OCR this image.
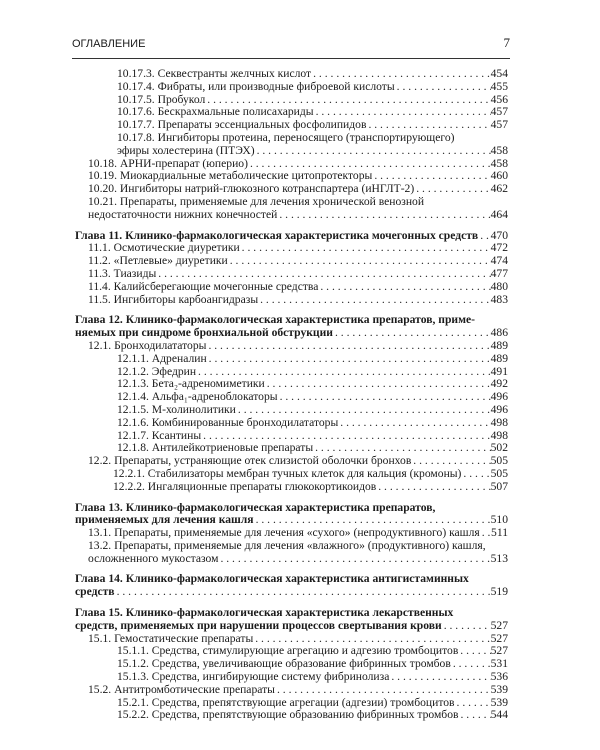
ОГЛАВЛЕНИЕ	7
10.17.3. Секвестранты желчных кислот . . .	454
10.17.4. Фибраты, или производные фиброевой кислоты . . .	455
10.17.5. Пробукол . . .	456
10.17.6. Бескрахмальные полисахариды . . .	457
10.17.7. Препараты эссенциальных фосфолипидов . . .	457
10.17.8. Ингибиторы протеина, переносящего (транспортирующего)
эфиры холестерина (ПТЭХ) . . .	458
10.18. АРНИ-препарат (юперио) . . .	458
10.19. Миокардиальные метаболические цитопротекторы . . .	460
10.20. Ингибиторы натрий-глюкозного котранспартера (иНГЛТ-2) . . .	462
10.21. Препараты, применяемые для лечения хронической венозной
недостаточности нижних конечностей . . .	464
Глава 11. Клинико-фармакологическая характеристика мочегонных средств . . . 470
11.1. Осмотические диуретики . . .	472
11.2. «Петлевые» диуретики . . .	474
11.3. Тиазиды . . .	477
11.4. Калийсберегающие мочегонные средства . . .	480
11.5. Ингибиторы карбоангидразы . . .	483
Глава 12. Клинико-фармакологическая характеристика препаратов, приме-
няемых при синдроме бронхиальной обструкции . . .	486
12.1. Бронходилататоры . . .	489
12.1.1. Адреналин . . .	489
12.1.2. Эфедрин . . .	491
12.1.3. Бета₂-адреномиметики . . .	492
12.1.4. Альфа₁-адреноблокаторы . . .	496
12.1.5. М-холинолитики . . .	496
12.1.6. Комбинированные бронходилататоры . . .	498
12.1.7. Ксантины . . .	498
12.1.8. Антилейкотриеновые препараты . . .	502
12.2. Препараты, устраняющие отек слизистой оболочки бронхов . . .	505
12.2.1. Стабилизаторы мембран тучных клеток для кальция (кромоны) . . .	505
12.2.2. Ингаляционные препараты глюкокортикоидов . . .	507
Глава 13. Клинико-фармакологическая характеристика препаратов,
применяемых для лечения кашля . . .	510
13.1. Препараты, применяемые для лечения «сухого» (непродуктивного) кашля . . . 511
13.2. Препараты, применяемые для лечения «влажного» (продуктивного) кашля,
осложненного мукостазом . . .	513
Глава 14. Клинико-фармакологическая характеристика антигистаминных
средств . . .	519
Глава 15. Клинико-фармакологическая характеристика лекарственных
средств, применяемых при нарушении процессов свертывания крови . . .	527
15.1. Гемостатические препараты . . .	527
15.1.1. Средства, стимулирующие агрегацию и адгезию тромбоцитов . . .	527
15.1.2. Средства, увеличивающие образование фибринных тромбов . . .	531
15.1.3. Средства, ингибирующие систему фибринолиза . . .	536
15.2. Антитромботические препараты . . .	539
15.2.1. Средства, препятствующие агрегации (адгезии) тромбоцитов . . .	539
15.2.2. Средства, препятствующие образованию фибринных тромбов . . .	544
